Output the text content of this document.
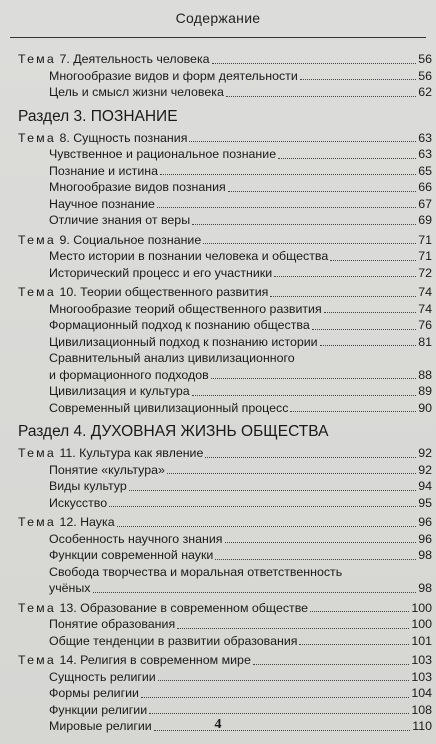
Содержание
Тема 7. Деятельность человека	56
Многообразие видов и форм деятельности	56
Цель и смысл жизни человека	62
Раздел 3. ПОЗНАНИЕ
Тема 8. Сущность познания	63
Чувственное и рациональное познание	63
Познание и истина	65
Многообразие видов познания	66
Научное познание	67
Отличие знания от веры	69
Тема 9. Социальное познание	71
Место истории в познании человека и общества	71
Исторический процесс и его участники	72
Тема 10. Теории общественного развития	74
Многообразие теорий общественного развития	74
Формационный подход к познанию общества	76
Цивилизационный подход к познанию истории	81
Сравнительный анализ цивилизационного
и формационного подходов	88
Цивилизация и культура	89
Современный цивилизационный процесс	90
Раздел 4. ДУХОВНАЯ ЖИЗНЬ ОБЩЕСТВА
Тема 11. Культура как явление	92
Понятие «культура»	92
Виды культур	94
Искусство	95
Тема 12. Наука	96
Особенность научного знания	96
Функции современной науки	98
Свобода творчества и моральная ответственность
учёных	98
Тема 13. Образование в современном обществе	100
Понятие образования	100
Общие тенденции в развитии образования	101
Тема 14. Религия в современном мире	103
Сущность религии	103
Формы религии	104
Функции религии	108
Мировые религии	110
4
